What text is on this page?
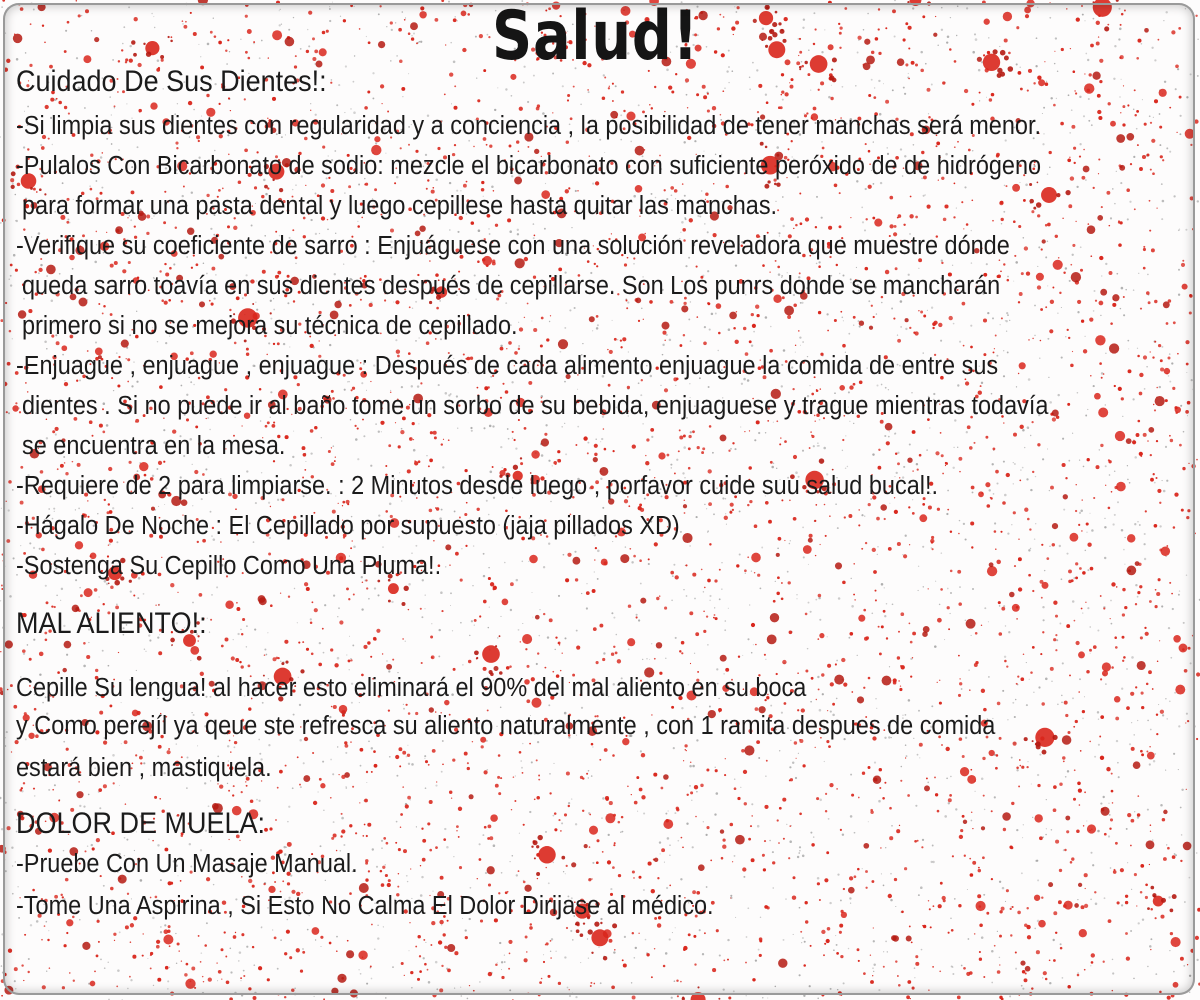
Salud!

Cuidado De Sus Dientes!:

-Si limpia sus dientes con regularidad y a conciencia , la posibilidad de tener manchas será menor.

-Pulalos Con Bicarbonato de sodio: mezcle el bicarbonato con suficiente peróxido de de hidrógeno

para formar una pasta dental y luego cepillese hasta quitar las manchas.

-Verifique su coeficiente de sarro : Enjuáguese con una solución reveladora que muestre dónde

queda sarro toavía en sus dientes después de cepillarse. Son Los punrs donde se mancharán

primero si no se mejora su técnica de cepillado.

-Enjuague , enjuague , enjuague : Después de cada alimento enjuague la comida de entre sus

dientes . Si no puede ir al baño tome un sorbo de su bebida, enjuaguese y trague mientras todavía

se encuentra en la mesa.

-Requiere de 2 para limpiarse. : 2 Minutos desde luego , porfavor cuide suu salud bucal!.

-Hágalo De Noche : El Cepillado por supuesto (jaja pillados XD)

-Sostenga Su Cepillo Como Una Pluma!.

MAL ALIENTO!:

Cepille Su lengua! al hacer esto eliminará el 90% del mal aliento en su boca

y Como perejíl ya qeue ste refresca su aliento naturalmente , con 1 ramita despues de comida

estará bien , mastiquela.

DOLOR DE MUELA:

-Pruebe Con Un Masaje Manual.

-Tome Una Aspirina , Si Esto No Calma El Dolor Dirijase al médico.
